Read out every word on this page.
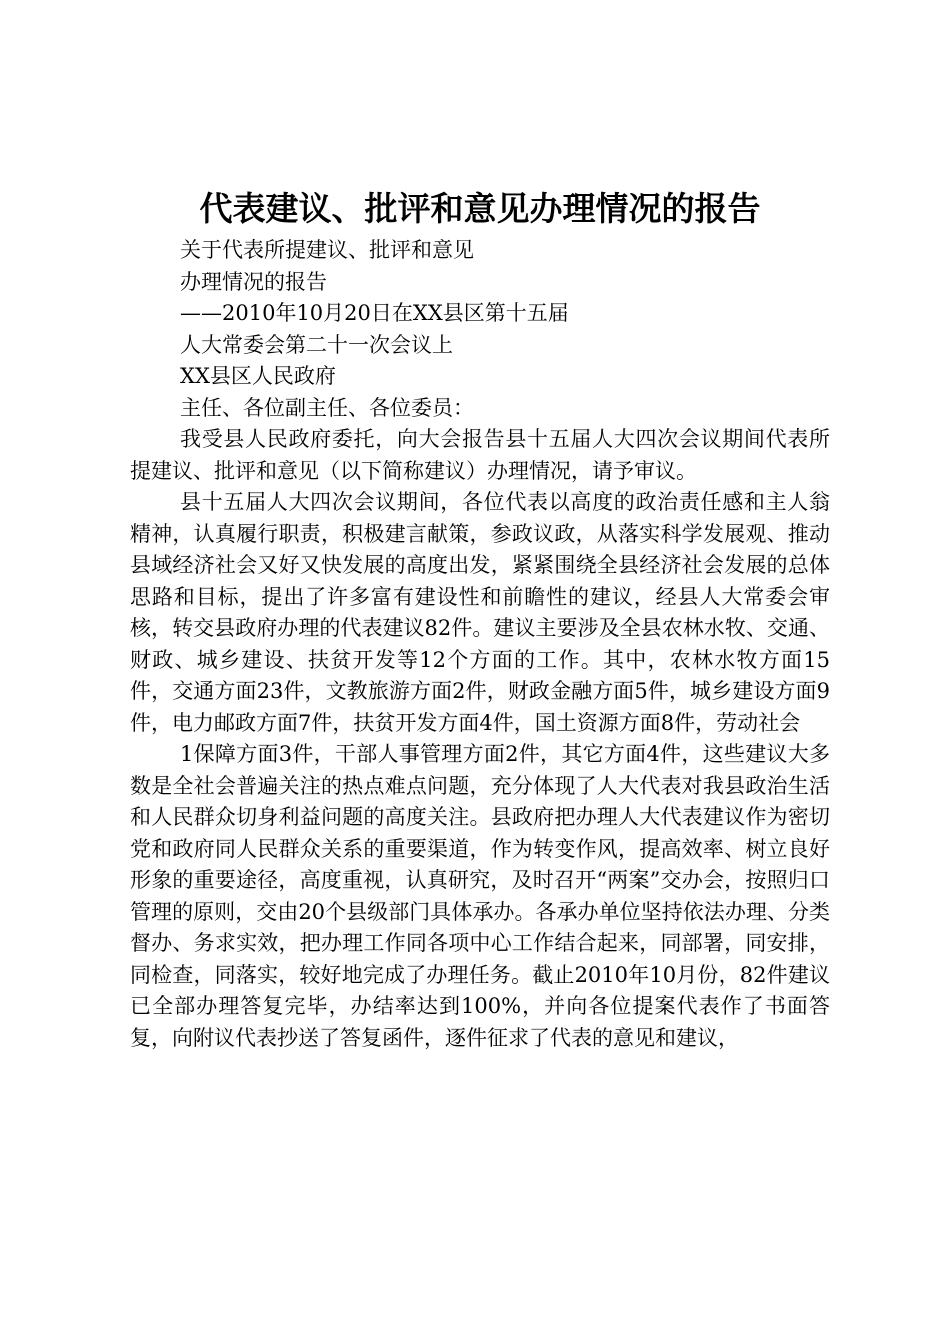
代表建议、批评和意见办理情况的报告
关于代表所提建议、批评和意见
办理情况的报告
——2010年10月20日在XX县区第十五届
人大常委会第二十一次会议上
XX县区人民政府
主任、各位副主任、各位委员：

我受县人民政府委托，向大会报告县十五届人大四次会议期间代表所提建议、批评和意见（以下简称建议）办理情况，请予审议。

县十五届人大四次会议期间，各位代表以高度的政治责任感和主人翁精神，认真履行职责，积极建言献策，参政议政，从落实科学发展观、推动县域经济社会又好又快发展的高度出发，紧紧围绕全县经济社会发展的总体思路和目标，提出了许多富有建设性和前瞻性的建议，经县人大常委会审核，转交县政府办理的代表建议82件。建议主要涉及全县农林水牧、交通、财政、城乡建设、扶贫开发等12个方面的工作。其中，农林水牧方面15件，交通方面23件，文教旅游方面2件，财政金融方面5件，城乡建设方面9件，电力邮政方面7件，扶贫开发方面4件，国土资源方面8件，劳动社会

1保障方面3件，干部人事管理方面2件，其它方面4件，这些建议大多数是全社会普遍关注的热点难点问题，充分体现了人大代表对我县政治生活和人民群众切身利益问题的高度关注。县政府把办理人大代表建议作为密切党和政府同人民群众关系的重要渠道，作为转变作风，提高效率、树立良好形象的重要途径，高度重视，认真研究，及时召开“两案”交办会，按照归口管理的原则，交由20个县级部门具体承办。各承办单位坚持依法办理、分类督办、务求实效，把办理工作同各项中心工作结合起来，同部署，同安排，同检查，同落实，较好地完成了办理任务。截止2010年10月份，82件建议已全部办理答复完毕，办结率达到100%，并向各位提案代表作了书面答复，向附议代表抄送了答复函件，逐件征求了代表的意见和建议，
